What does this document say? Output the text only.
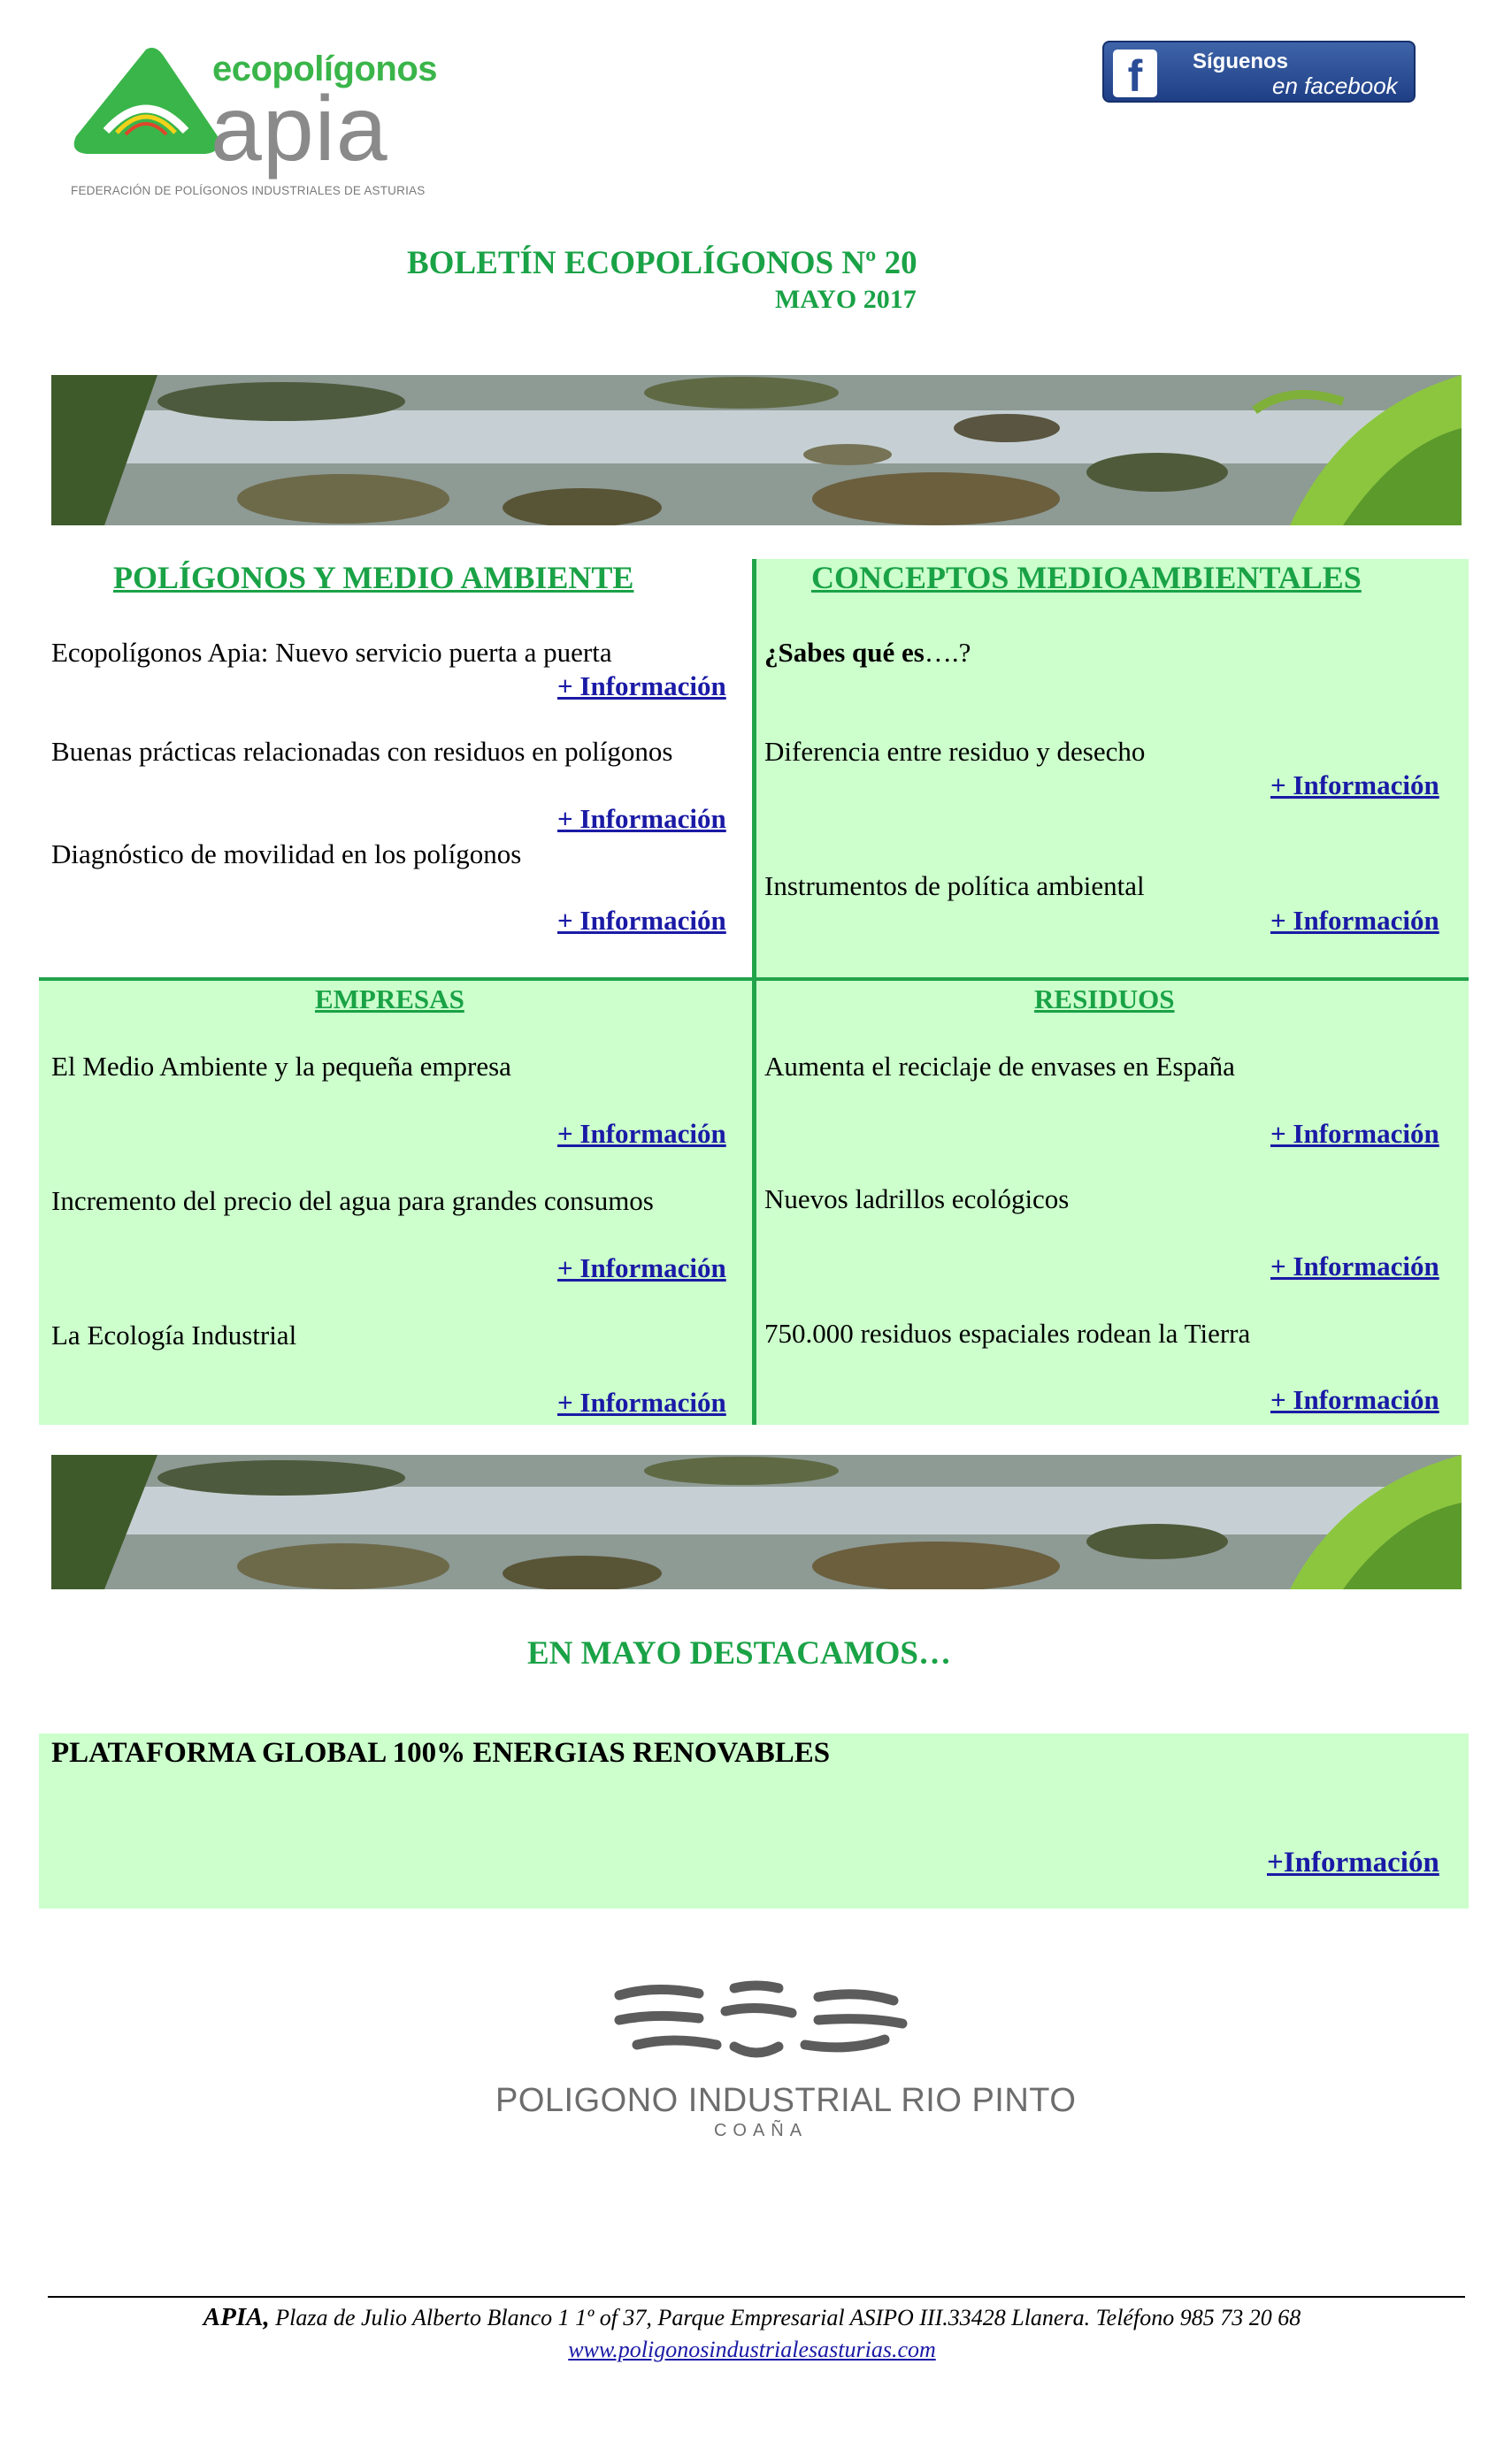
ecopolígonos
apia
FEDERACIÓN DE POLÍGONOS INDUSTRIALES DE ASTURIAS
f	Síguenos
en facebook
BOLETÍN ECOPOLÍGONOS Nº 20
MAYO 2017
POLÍGONOS Y MEDIO AMBIENTE
Ecopolígonos Apia: Nuevo servicio puerta a puerta
+ Información
Buenas prácticas relacionadas con residuos en polígonos
+ Información
Diagnóstico de movilidad en los polígonos
+ Información
CONCEPTOS MEDIOAMBIENTALES
¿Sabes qué es….?
Diferencia entre residuo y desecho
+ Información
Instrumentos de política ambiental
+ Información
EMPRESAS
El Medio Ambiente y la pequeña empresa
+ Información
Incremento del precio del agua para grandes consumos
+ Información
La Ecología Industrial
+ Información
RESIDUOS
Aumenta el reciclaje de envases en España
+ Información
Nuevos ladrillos ecológicos
+ Información
750.000 residuos espaciales rodean la Tierra
+ Información
EN MAYO DESTACAMOS…
PLATAFORMA GLOBAL 100% ENERGIAS RENOVABLES
+Información
POLIGONO INDUSTRIAL RIO PINTO
COAÑA
APIA, Plaza de Julio Alberto Blanco 1 1º of 37, Parque Empresarial ASIPO III.33428 Llanera. Teléfono 985 73 20 68
www.poligonosindustrialesasturias.com
